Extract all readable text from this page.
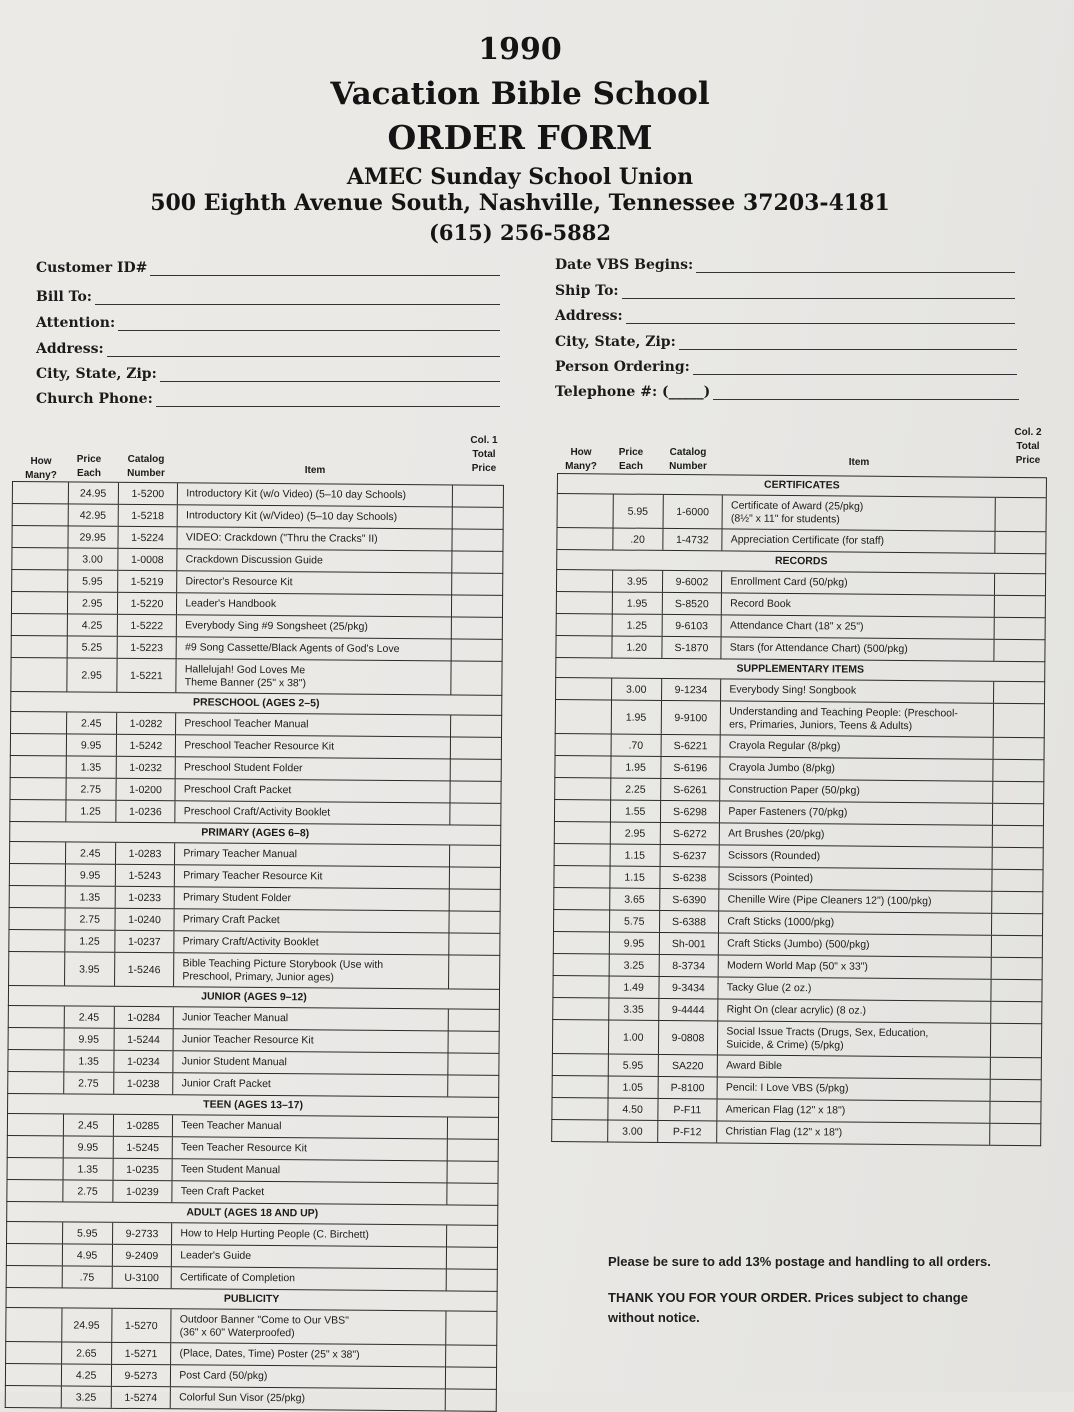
1990
Vacation Bible School
ORDER FORM
AMEC Sunday School Union
500 Eighth Avenue South, Nashville, Tennessee 37203-4181
(615) 256-5882
Customer ID#
Bill To:
Attention:
Address:
City, State, Zip:
Church Phone:
Date VBS Begins:
Ship To:
Address:
City, State, Zip:
Person Ordering:
Telephone #: (_____)
How Many?
Price Each
Catalog Number	Item
Col. 1 Total Price
24.95	1-5200	Introductory Kit (w/o Video) (5–10 day Schools)
42.95	1-5218	Introductory Kit (w/Video) (5–10 day Schools)
29.95	1-5224	VIDEO: Crackdown ("Thru the Cracks" II)
3.00	1-0008	Crackdown Discussion Guide
5.95	1-5219	Director's Resource Kit
2.95	1-5220	Leader's Handbook
4.25	1-5222	Everybody Sing #9 Songsheet (25/pkg)
5.25	1-5223	#9 Song Cassette/Black Agents of God's Love
2.95	1-5221	Hallelujah! God Loves Me
Theme Banner (25" x 38")
PRESCHOOL (AGES 2–5)
2.45	1-0282	Preschool Teacher Manual
9.95	1-5242	Preschool Teacher Resource Kit
1.35	1-0232	Preschool Student Folder
2.75	1-0200	Preschool Craft Packet
1.25	1-0236	Preschool Craft/Activity Booklet
PRIMARY (AGES 6–8)
2.45	1-0283	Primary Teacher Manual
9.95	1-5243	Primary Teacher Resource Kit
1.35	1-0233	Primary Student Folder
2.75	1-0240	Primary Craft Packet
1.25	1-0237	Primary Craft/Activity Booklet
3.95	1-5246	Bible Teaching Picture Storybook (Use with
Preschool, Primary, Junior ages)
JUNIOR (AGES 9–12)
2.45	1-0284	Junior Teacher Manual
9.95	1-5244	Junior Teacher Resource Kit
1.35	1-0234	Junior Student Manual
2.75	1-0238	Junior Craft Packet
TEEN (AGES 13–17)
2.45	1-0285	Teen Teacher Manual
9.95	1-5245	Teen Teacher Resource Kit
1.35	1-0235	Teen Student Manual
2.75	1-0239	Teen Craft Packet
ADULT (AGES 18 AND UP)
5.95	9-2733	How to Help Hurting People (C. Birchett)
4.95	9-2409	Leader's Guide
.75	U-3100	Certificate of Completion
PUBLICITY
24.95	1-5270	Outdoor Banner "Come to Our VBS"
(36" x 60" Waterproofed)
2.65	1-5271	(Place, Dates, Time) Poster (25" x 38")
4.25	9-5273	Post Card (50/pkg)
3.25	1-5274	Colorful Sun Visor (25/pkg)
How Many?
Price Each
Catalog Number	Item
Col. 2 Total Price
CERTIFICATES
5.95	1-6000	Certificate of Award (25/pkg)
(8½" x 11" for students)
.20	1-4732	Appreciation Certificate (for staff)
RECORDS
3.95	9-6002	Enrollment Card (50/pkg)
1.95	S-8520	Record Book
1.25	9-6103	Attendance Chart (18" x 25")
1.20	S-1870	Stars (for Attendance Chart) (500/pkg)
SUPPLEMENTARY ITEMS
3.00	9-1234	Everybody Sing! Songbook
1.95	9-9100	Understanding and Teaching People: (Preschool-
ers, Primaries, Juniors, Teens & Adults)
.70	S-6221	Crayola Regular (8/pkg)
1.95	S-6196	Crayola Jumbo (8/pkg)
2.25	S-6261	Construction Paper (50/pkg)
1.55	S-6298	Paper Fasteners (70/pkg)
2.95	S-6272	Art Brushes (20/pkg)
1.15	S-6237	Scissors (Rounded)
1.15	S-6238	Scissors (Pointed)
3.65	S-6390	Chenille Wire (Pipe Cleaners 12") (100/pkg)
5.75	S-6388	Craft Sticks (1000/pkg)
9.95	Sh-001	Craft Sticks (Jumbo) (500/pkg)
3.25	8-3734	Modern World Map (50" x 33")
1.49	9-3434	Tacky Glue (2 oz.)
3.35	9-4444	Right On (clear acrylic) (8 oz.)
1.00	9-0808	Social Issue Tracts (Drugs, Sex, Education,
Suicide, & Crime) (5/pkg)
5.95	SA220	Award Bible
1.05	P-8100	Pencil: I Love VBS (5/pkg)
4.50	P-F11	American Flag (12" x 18")
3.00	P-F12	Christian Flag (12" x 18")
Please be sure to add 13% postage and handling to all orders.
THANK YOU FOR YOUR ORDER. Prices subject to change
without notice.
